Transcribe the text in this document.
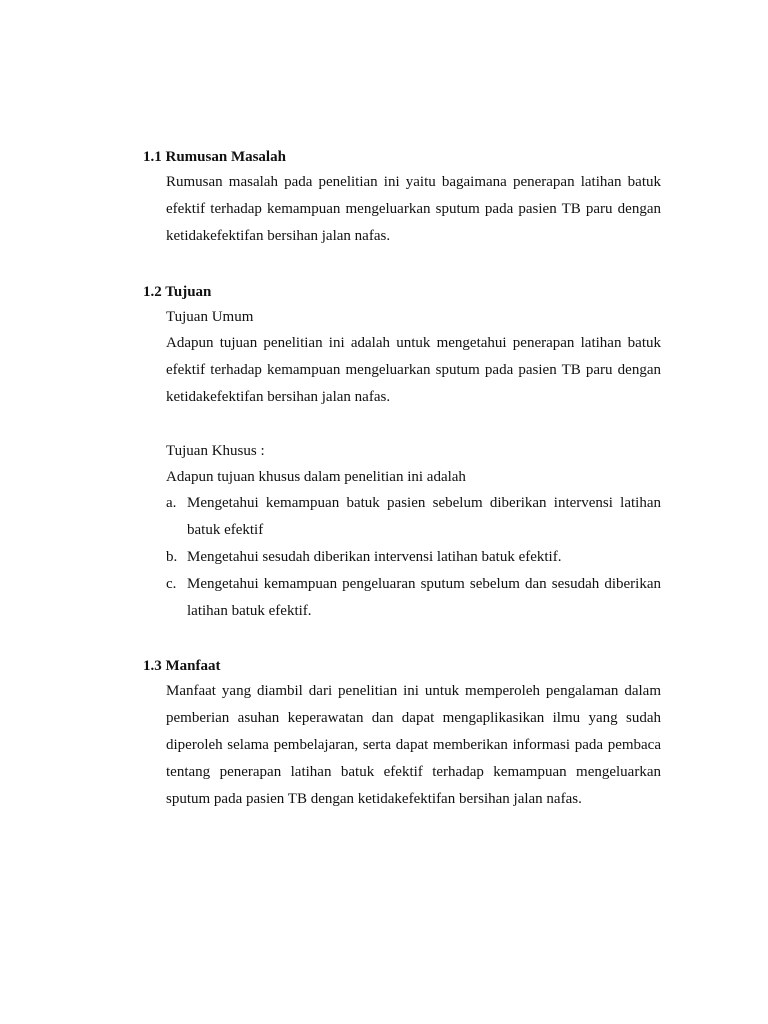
1.1 Rumusan Masalah

Rumusan masalah pada penelitian ini yaitu bagaimana penerapan latihan batuk efektif terhadap kemampuan mengeluarkan sputum pada pasien TB paru dengan ketidakefektifan bersihan jalan nafas.

1.2 Tujuan

Tujuan Umum

Adapun tujuan penelitian ini adalah untuk mengetahui penerapan latihan batuk efektif terhadap kemampuan mengeluarkan sputum pada pasien TB paru dengan ketidakefektifan bersihan jalan nafas.

Tujuan Khusus :

Adapun tujuan khusus dalam penelitian ini adalah

a. Mengetahui kemampuan batuk pasien sebelum diberikan intervensi latihan batuk efektif
b. Mengetahui sesudah diberikan intervensi latihan batuk efektif.
c. Mengetahui kemampuan pengeluaran sputum sebelum dan sesudah diberikan latihan batuk efektif.
1.3 Manfaat

Manfaat yang diambil dari penelitian ini untuk memperoleh pengalaman dalam pemberian asuhan keperawatan dan dapat mengaplikasikan ilmu yang sudah diperoleh selama pembelajaran, serta dapat memberikan informasi pada pembaca tentang penerapan latihan batuk efektif terhadap kemampuan mengeluarkan sputum pada pasien TB dengan ketidakefektifan bersihan jalan nafas.
